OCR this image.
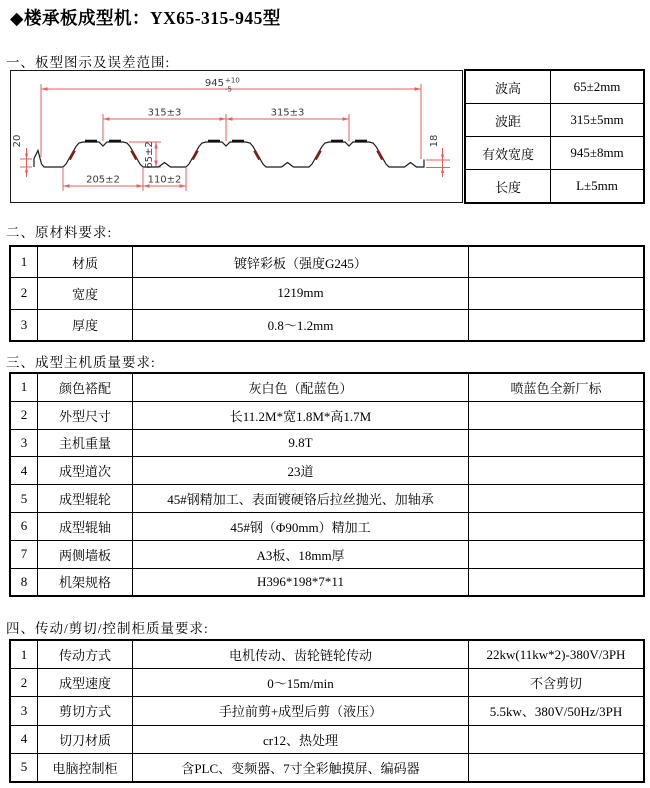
◆楼承板成型机：YX65-315-945型
一、板型图示及误差范围:
945 +10
-5
315±3	315±3
205±2	110±2
65±2
20	18
波高	65±2mm
波距	315±5mm
有效宽度	945±8mm
长度	L±5mm
二、原材料要求:
1	材质	镀锌彩板（强度G245）	
2	宽度	1219mm	
3	厚度	0.8～1.2mm	
三、成型主机质量要求:
1	颜色褡配	灰白色（配蓝色）	喷蓝色全新厂标
2	外型尺寸	长11.2M*宽1.8M*高1.7M	
3	主机重量	9.8T	
4	成型道次	23道	
5	成型辊轮	45#钢精加工、表面镀硬铬后拉丝抛光、加轴承	
6	成型辊轴	45#钢（Φ90mm）精加工	
7	两侧墙板	A3板、18mm厚	
8	机架规格	H396*198*7*11	
四、传动/剪切/控制柜质量要求:
1	传动方式	电机传动、齿轮链轮传动	22kw(11kw*2)-380V/3PH
2	成型速度	0～15m/min	不含剪切
3	剪切方式	手拉前剪+成型后剪（液压）	5.5kw、380V/50Hz/3PH
4	切刀材质	cr12、热处理	
5	电脑控制柜	含PLC、变频器、7寸全彩触摸屏、编码器	
